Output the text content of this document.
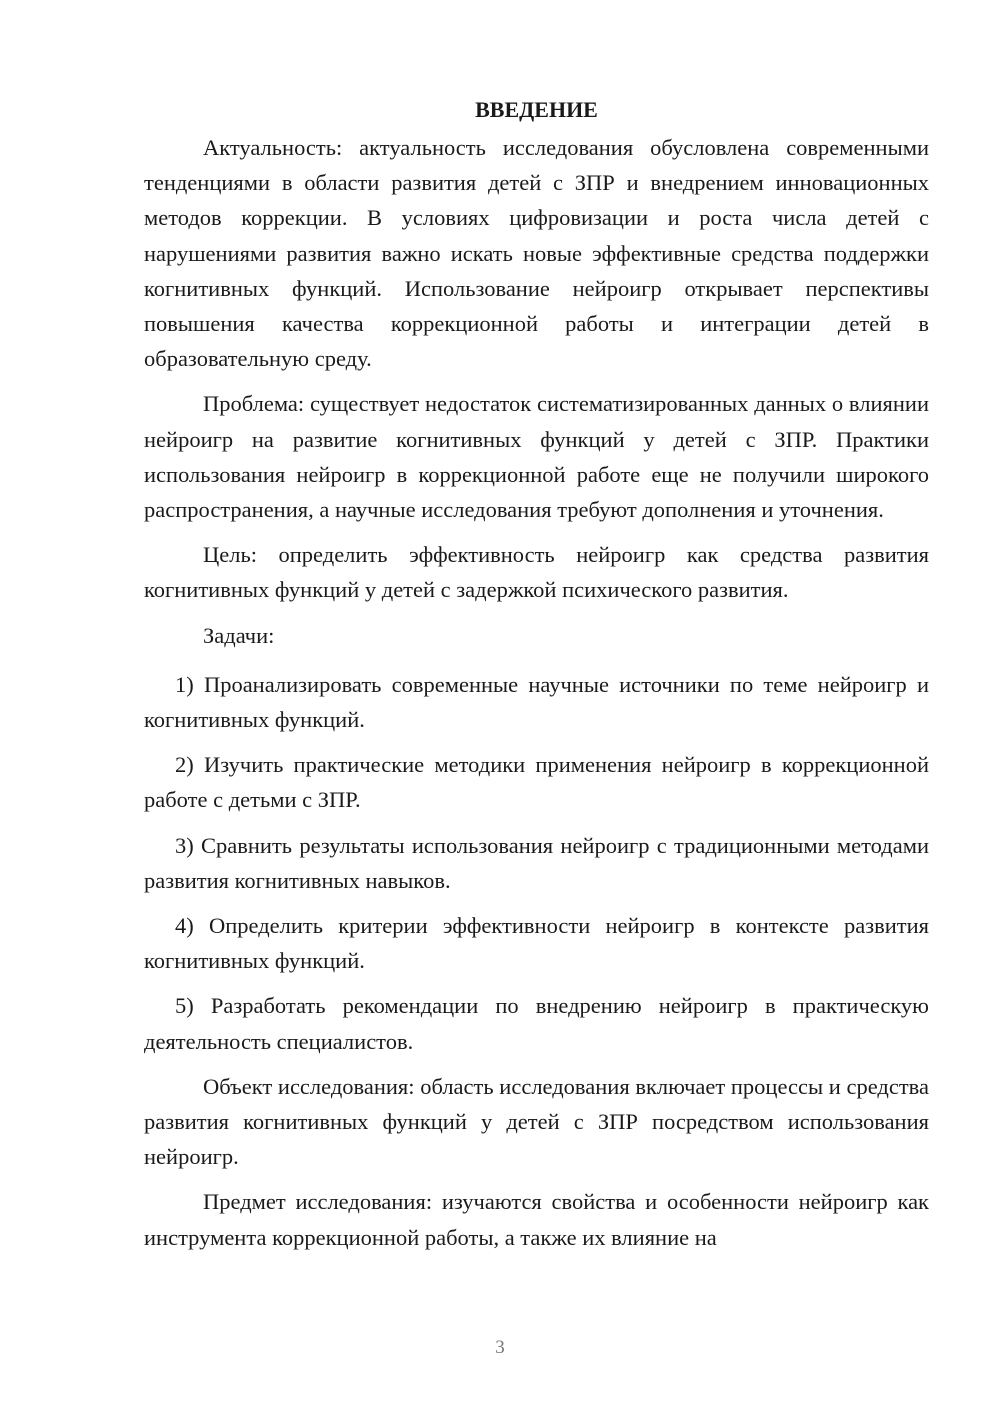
ВВЕДЕНИЕ

Актуальность: актуальность исследования обусловлена современными тенденциями в области развития детей с ЗПР и внедрением инновационных методов коррекции. В условиях цифровизации и роста числа детей с нарушениями развития важно искать новые эффективные средства поддержки когнитивных функций. Использование нейроигр открывает перспективы повышения качества коррекционной работы и интеграции детей в образовательную среду.

Проблема: существует недостаток систематизированных данных о влиянии нейроигр на развитие когнитивных функций у детей с ЗПР. Практики использования нейроигр в коррекционной работе еще не получили широкого распространения, а научные исследования требуют дополнения и уточнения.

Цель: определить эффективность нейроигр как средства развития когнитивных функций у детей с задержкой психического развития.

Задачи:

1) Проанализировать современные научные источники по теме нейроигр и когнитивных функций.

2) Изучить практические методики применения нейроигр в коррекционной работе с детьми с ЗПР.

3) Сравнить результаты использования нейроигр с традиционными методами развития когнитивных навыков.

4) Определить критерии эффективности нейроигр в контексте развития когнитивных функций.

5) Разработать рекомендации по внедрению нейроигр в практическую деятельность специалистов.

Объект исследования: область исследования включает процессы и средства развития когнитивных функций у детей с ЗПР посредством использования нейроигр.

Предмет исследования: изучаются свойства и особенности нейроигр как инструмента коррекционной работы, а также их влияние на

3
